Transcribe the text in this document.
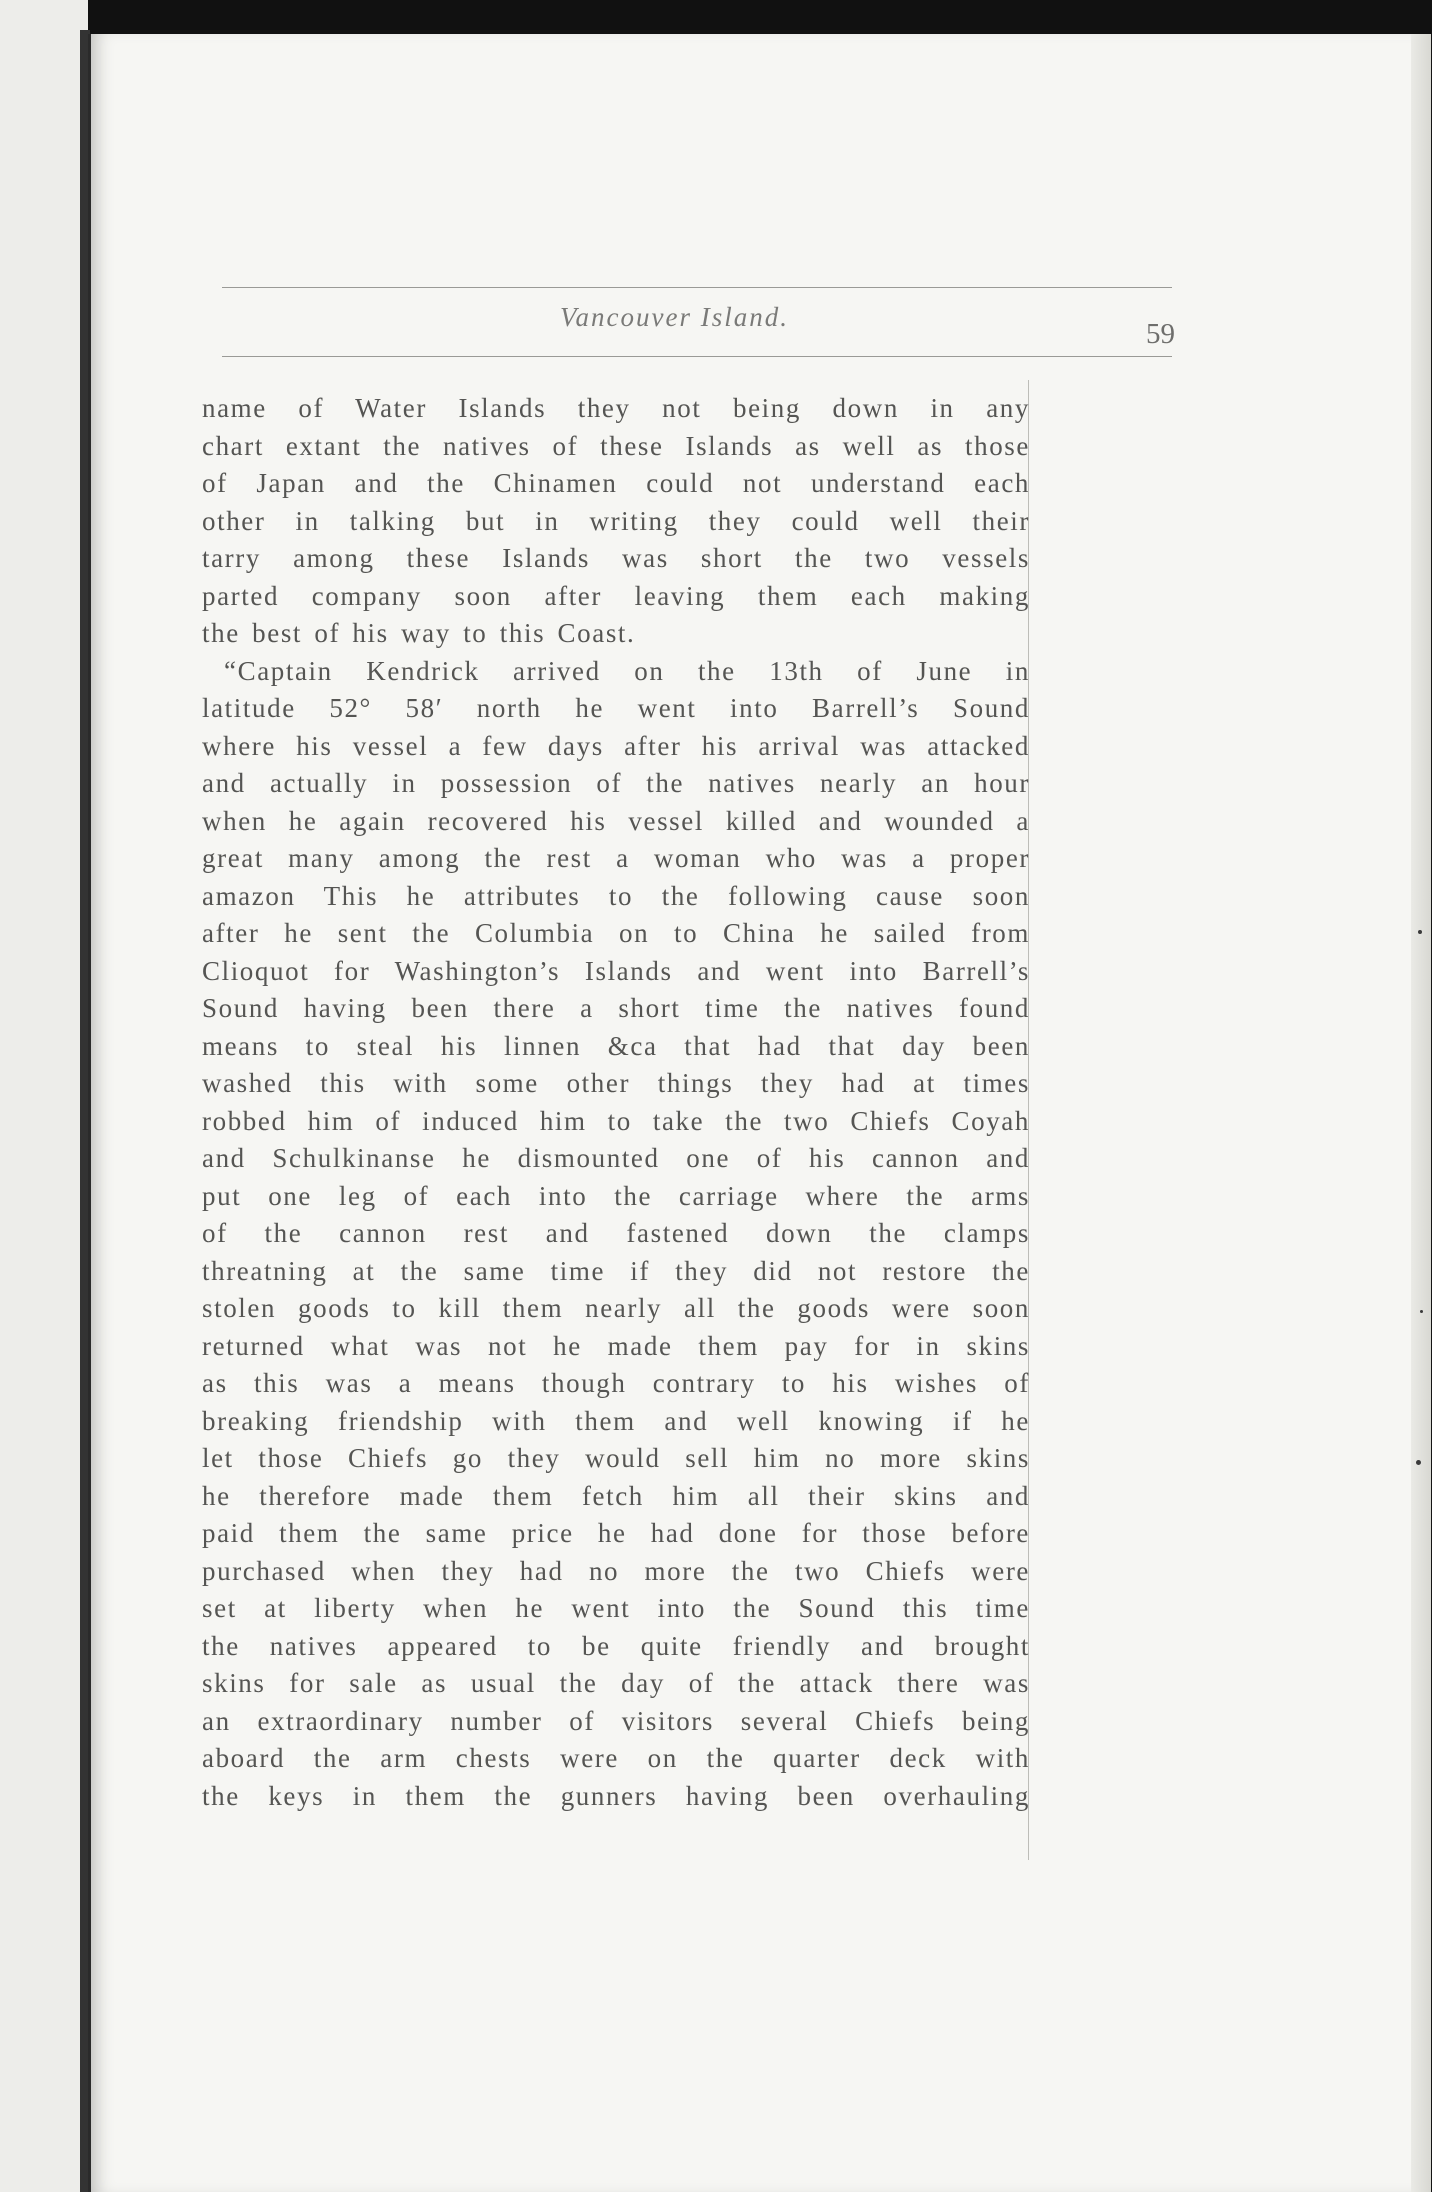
Vancouver Island.
59
name of Water Islands they not being down in any
chart extant the natives of these Islands as well as those
of Japan and the Chinamen could not understand each
other in talking but in writing they could well their
tarry among these Islands was short the two vessels
parted company soon after leaving them each making
the best of his way to this Coast.
“Captain Kendrick arrived on the 13th of June in
latitude 52° 58′ north he went into Barrell’s Sound
where his vessel a few days after his arrival was attacked
and actually in possession of the natives nearly an hour
when he again recovered his vessel killed and wounded a
great many among the rest a woman who was a proper
amazon This he attributes to the following cause soon
after he sent the Columbia on to China he sailed from
Clioquot for Washington’s Islands and went into Barrell’s
Sound having been there a short time the natives found
means to steal his linnen &ca that had that day been
washed this with some other things they had at times
robbed him of induced him to take the two Chiefs Coyah
and Schulkinanse he dismounted one of his cannon and
put one leg of each into the carriage where the arms
of the cannon rest and fastened down the clamps
threatning at the same time if they did not restore the
stolen goods to kill them nearly all the goods were soon
returned what was not he made them pay for in skins
as this was a means though contrary to his wishes of
breaking friendship with them and well knowing if he
let those Chiefs go they would sell him no more skins
he therefore made them fetch him all their skins and
paid them the same price he had done for those before
purchased when they had no more the two Chiefs were
set at liberty when he went into the Sound this time
the natives appeared to be quite friendly and brought
skins for sale as usual the day of the attack there was
an extraordinary number of visitors several Chiefs being
aboard the arm chests were on the quarter deck with
the keys in them the gunners having been overhauling
